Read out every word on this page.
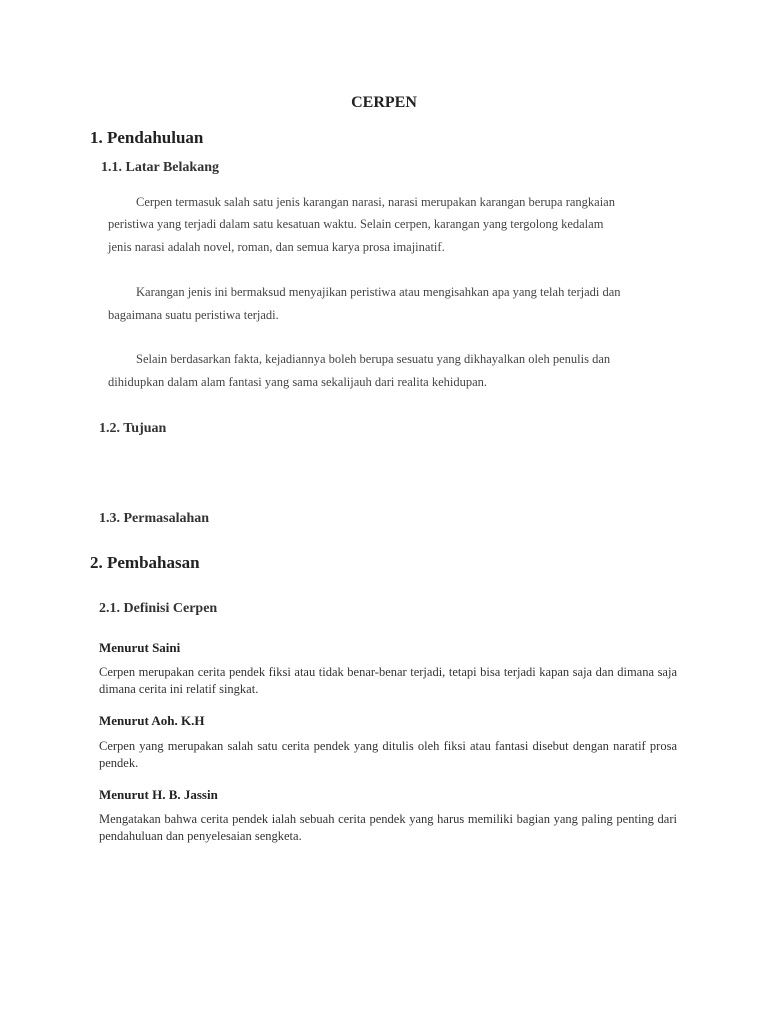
CERPEN
1. Pendahuluan
1.1. Latar Belakang
Cerpen termasuk salah satu jenis karangan narasi, narasi merupakan karangan berupa rangkaian
peristiwa yang terjadi dalam satu kesatuan waktu. Selain cerpen, karangan yang tergolong kedalam
jenis narasi adalah novel, roman, dan semua karya prosa imajinatif.
Karangan jenis ini bermaksud menyajikan peristiwa atau mengisahkan apa yang telah terjadi dan
bagaimana suatu peristiwa terjadi.
Selain berdasarkan fakta, kejadiannya boleh berupa sesuatu yang dikhayalkan oleh penulis dan
dihidupkan dalam alam fantasi yang sama sekalijauh dari realita kehidupan.
1.2. Tujuan
1.3. Permasalahan
2. Pembahasan
2.1. Definisi Cerpen
Menurut Saini
Cerpen merupakan cerita pendek fiksi atau tidak benar-benar terjadi, tetapi bisa terjadi kapan saja dan dimana saja dimana cerita ini relatif singkat.
Menurut Aoh. K.H
Cerpen yang merupakan salah satu cerita pendek yang ditulis oleh fiksi atau fantasi disebut dengan naratif prosa pendek.
Menurut H. B. Jassin
Mengatakan bahwa cerita pendek ialah sebuah cerita pendek yang harus memiliki bagian yang paling penting dari pendahuluan dan penyelesaian sengketa.
